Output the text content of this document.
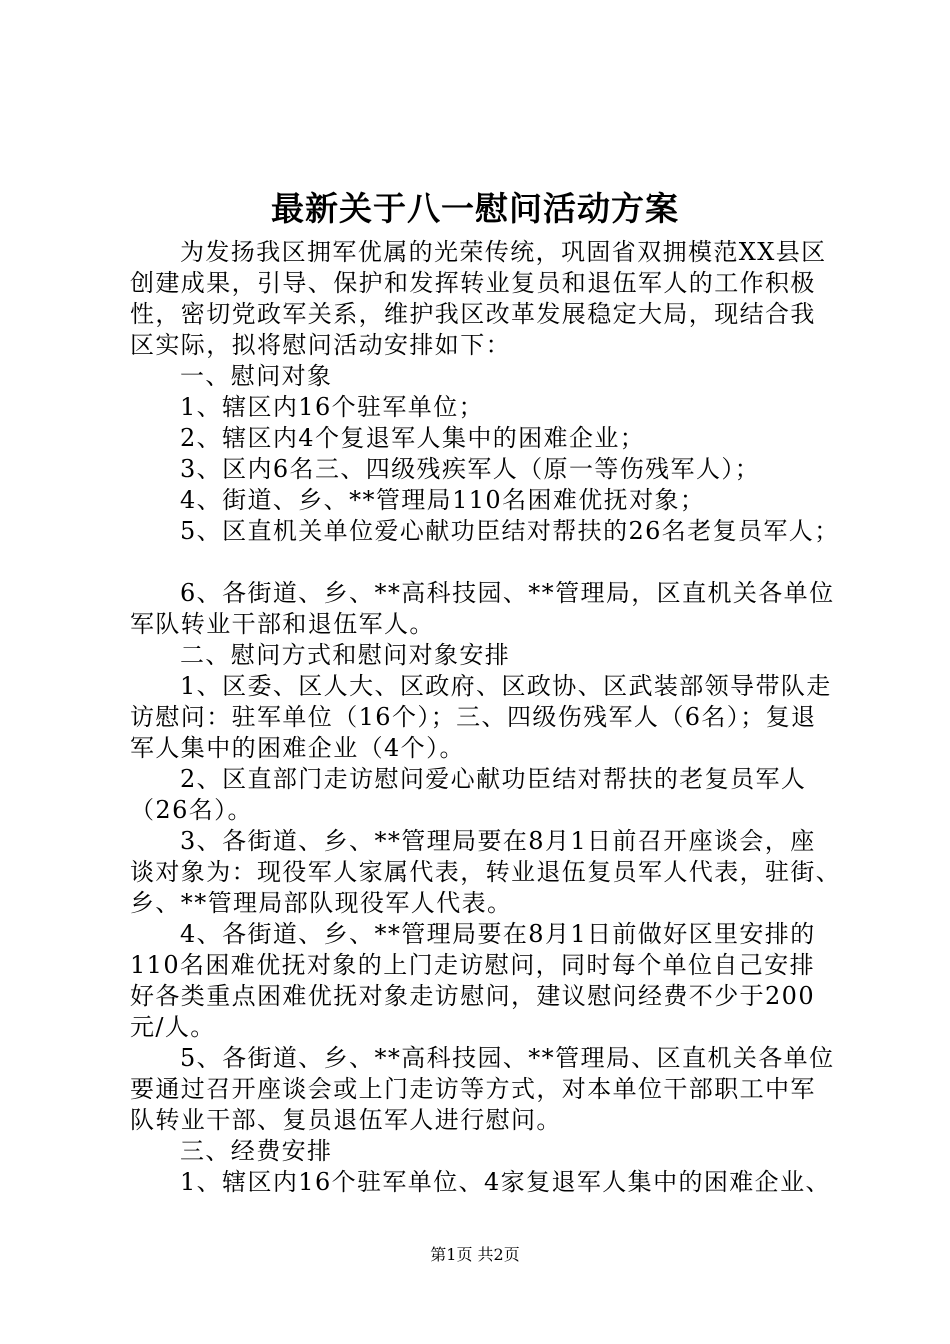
最新关于八一慰问活动方案

为发扬我区拥军优属的光荣传统，巩固省双拥模范XX县区

创建成果，引导、保护和发挥转业复员和退伍军人的工作积极

性，密切党政军关系，维护我区改革发展稳定大局，现结合我

区实际，拟将慰问活动安排如下：

一、慰问对象

1、辖区内16个驻军单位；

2、辖区内4个复退军人集中的困难企业；

3、区内6名三、四级残疾军人（原一等伤残军人）；

4、街道、乡、**管理局110名困难优抚对象；

5、区直机关单位爱心献功臣结对帮扶的26名老复员军人；

6、各街道、乡、**高科技园、**管理局，区直机关各单位

军队转业干部和退伍军人。

二、慰问方式和慰问对象安排

1、区委、区人大、区政府、区政协、区武装部领导带队走

访慰问：驻军单位（16个）；三、四级伤残军人（6名）；复退

军人集中的困难企业（4个）。

2、区直部门走访慰问爱心献功臣结对帮扶的老复员军人

（26名）。

3、各街道、乡、**管理局要在8月1日前召开座谈会，座

谈对象为：现役军人家属代表，转业退伍复员军人代表，驻街、

乡、**管理局部队现役军人代表。

4、各街道、乡、**管理局要在8月1日前做好区里安排的

110名困难优抚对象的上门走访慰问，同时每个单位自己安排

好各类重点困难优抚对象走访慰问，建议慰问经费不少于200

元/人。

5、各街道、乡、**高科技园、**管理局、区直机关各单位

要通过召开座谈会或上门走访等方式，对本单位干部职工中军

队转业干部、复员退伍军人进行慰问。

三、经费安排

1、辖区内16个驻军单位、4家复退军人集中的困难企业、

第1页 共2页
